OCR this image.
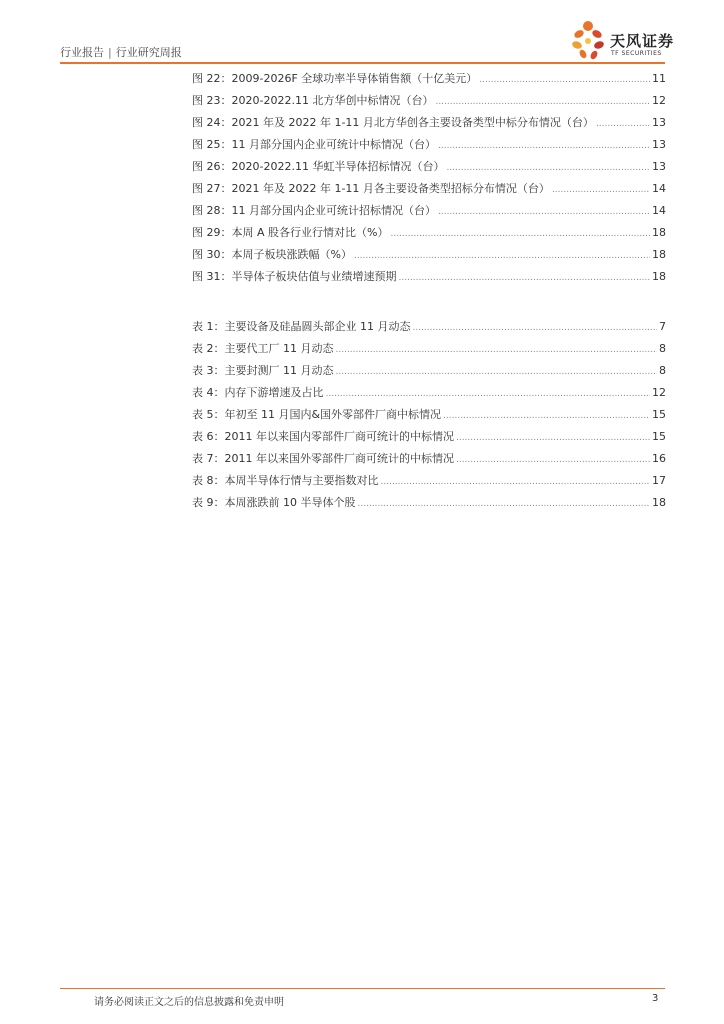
行业报告 | 行业研究周报
天风证券
TF SECURITIES
图 22：2009-2026F 全球功率半导体销售额（十亿美元） .....	11
图 23：2020-2022.11 北方华创中标情况（台） .....	12
图 24：2021 年及 2022 年 1-11 月北方华创各主要设备类型中标分布情况（台） .....	13
图 25：11 月部分国内企业可统计中标情况（台） .....	13
图 26：2020-2022.11 华虹半导体招标情况（台） .....	13
图 27：2021 年及 2022 年 1-11 月各主要设备类型招标分布情况（台） .....	14
图 28：11 月部分国内企业可统计招标情况（台） .....	14
图 29：本周 A 股各行业行情对比（%） .....	18
图 30：本周子板块涨跌幅（%） .....	18
图 31：半导体子板块估值与业绩增速预期 .....	18
表 1：主要设备及硅晶圆头部企业 11 月动态 .....	7
表 2：主要代工厂 11 月动态 .....	8
表 3：主要封测厂 11 月动态 .....	8
表 4：内存下游增速及占比 .....	12
表 5：年初至 11 月国内&国外零部件厂商中标情况 .....	15
表 6：2011 年以来国内零部件厂商可统计的中标情况 .....	15
表 7：2011 年以来国外零部件厂商可统计的中标情况 .....	16
表 8：本周半导体行情与主要指数对比 .....	17
表 9：本周涨跌前 10 半导体个股 .....	18
请务必阅读正文之后的信息披露和免责申明	3
